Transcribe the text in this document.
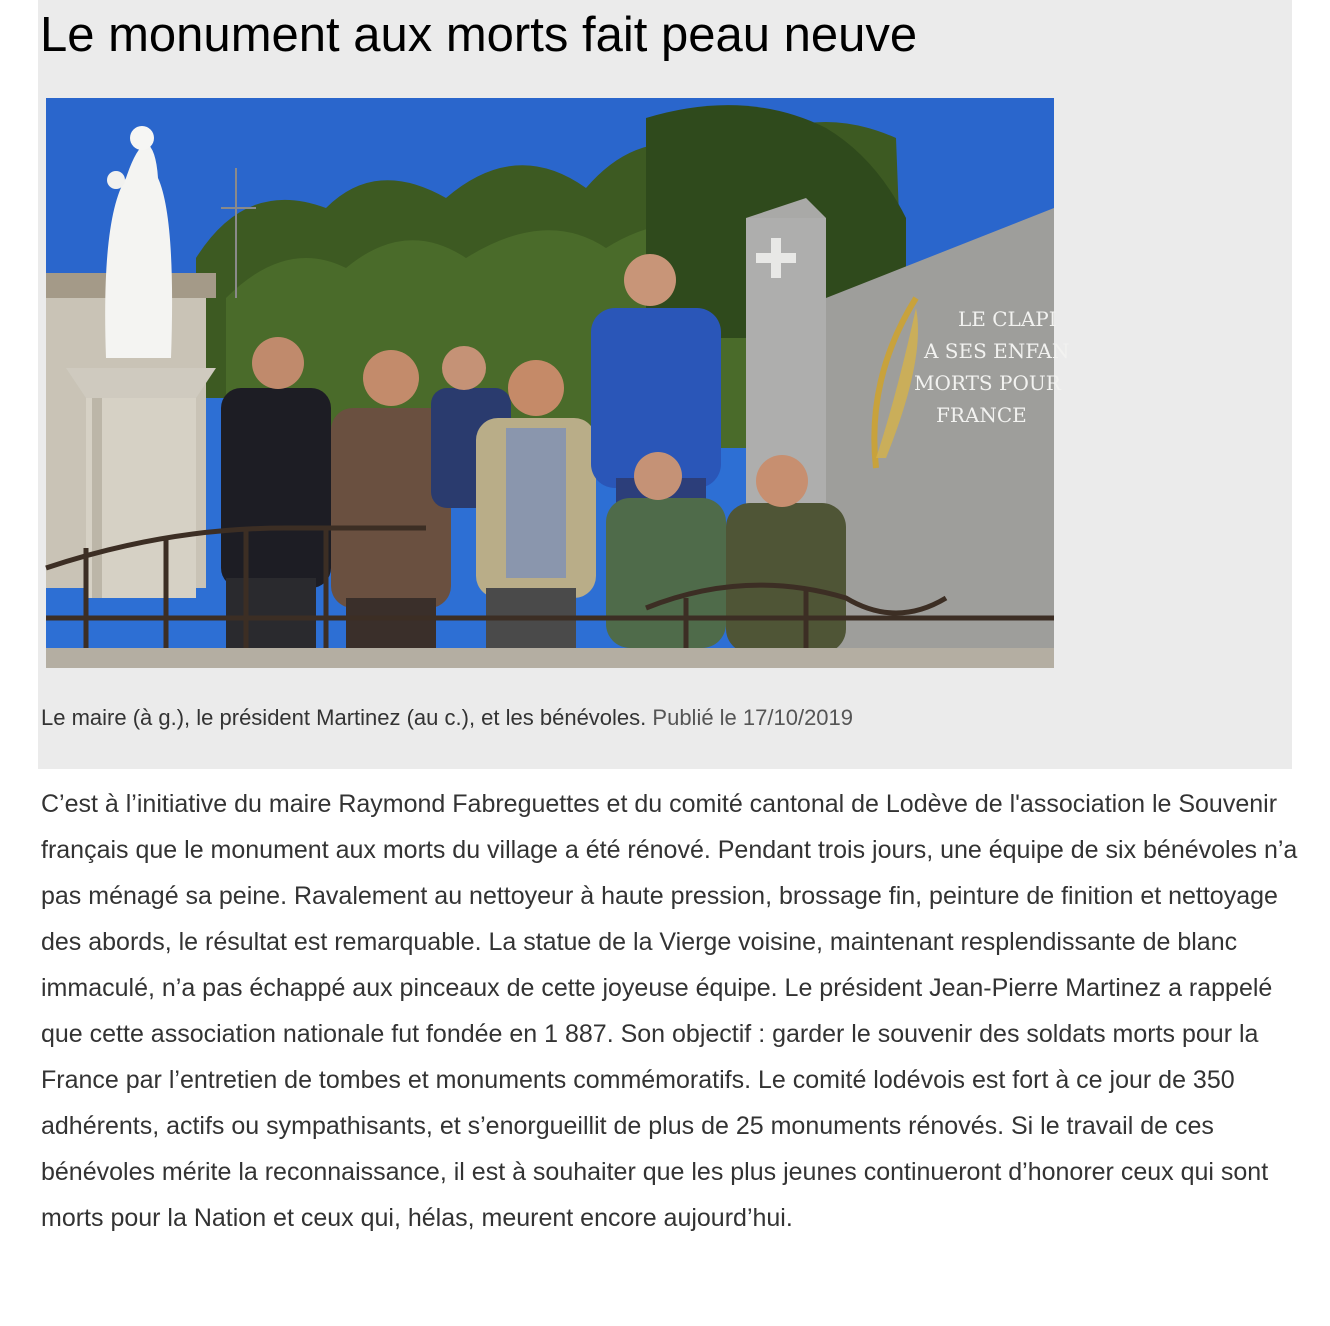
Le monument aux morts fait peau neuve
LE CLAPI
A SES ENFAN
MORTS POUR
FRANCE
Le maire (à g.), le président Martinez (au c.), et les bénévoles. Publié le 17/10/2019

C’est à l’initiative du maire Raymond Fabreguettes et du comité cantonal de Lodève de l'association le Souvenir français que le monument aux morts du village a été rénové. Pendant trois jours, une équipe de six bénévoles n’a pas ménagé sa peine. Ravalement au nettoyeur à haute pression, brossage fin, peinture de finition et nettoyage des abords, le résultat est remarquable. La statue de la Vierge voisine, maintenant resplendissante de blanc immaculé, n’a pas échappé aux pinceaux de cette joyeuse équipe. Le président Jean-Pierre Martinez a rappelé que cette association nationale fut fondée en 1 887. Son objectif : garder le souvenir des soldats morts pour la France par l’entretien de tombes et monuments commémoratifs. Le comité lodévois est fort à ce jour de 350 adhérents, actifs ou sympathisants, et s’enorgueillit de plus de 25 monuments rénovés. Si le travail de ces bénévoles mérite la reconnaissance, il est à souhaiter que les plus jeunes continueront d’honorer ceux qui sont morts pour la Nation et ceux qui, hélas, meurent encore aujourd’hui.
